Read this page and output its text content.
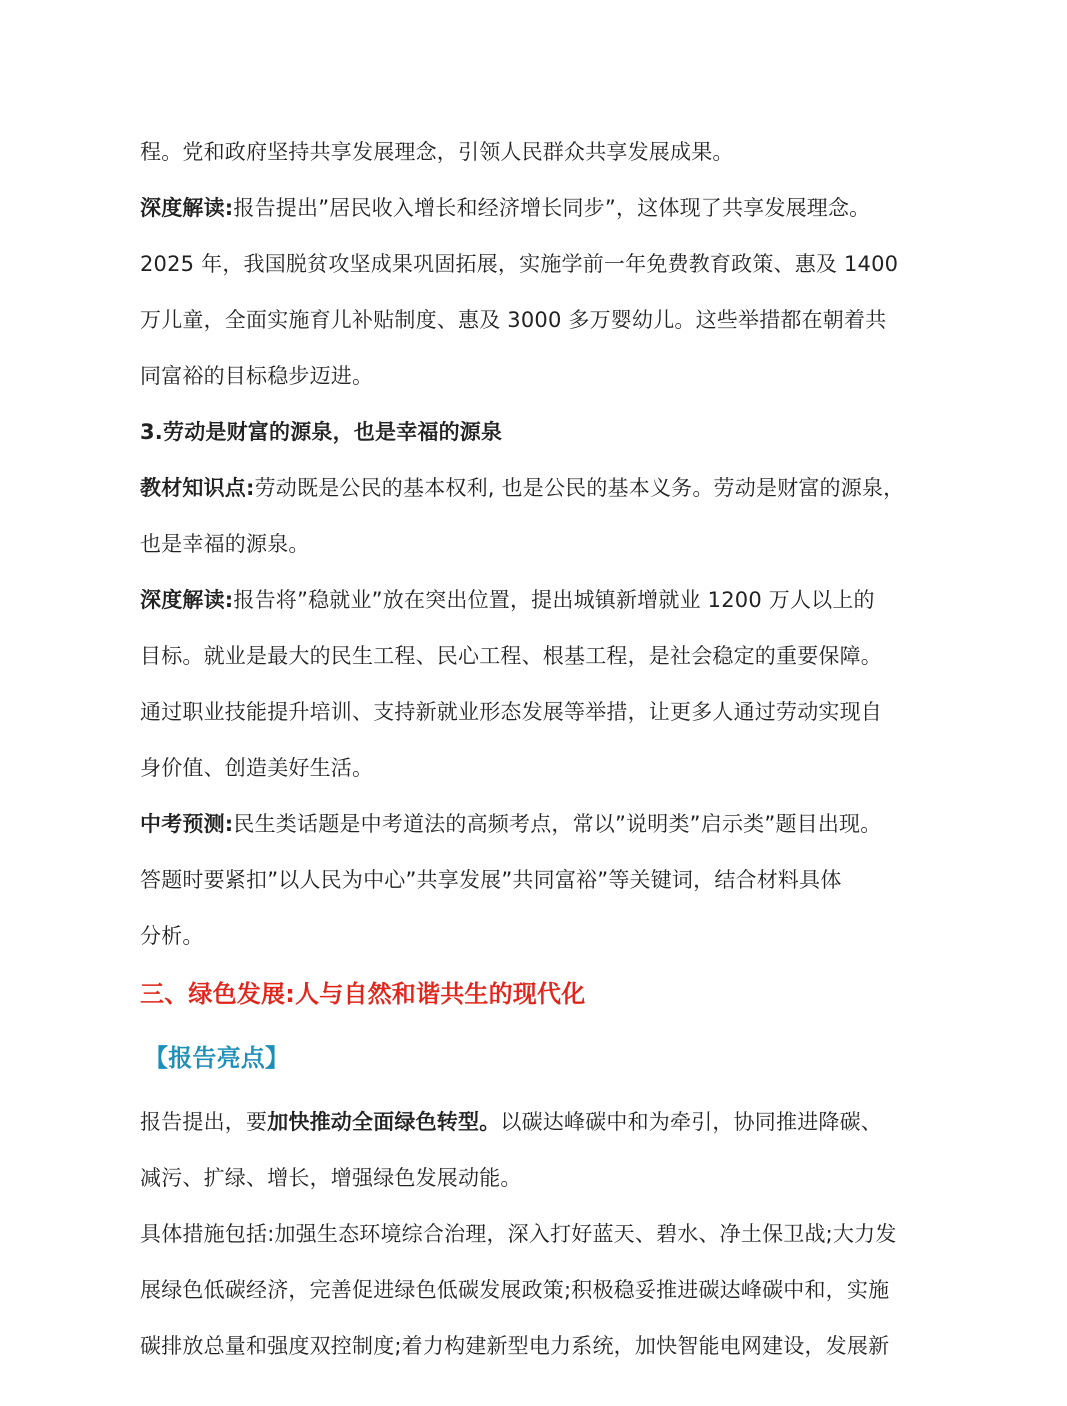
程。党和政府坚持共享发展理念，引领人民群众共享发展成果。
深度解读:报告提出”居民收入增长和经济增长同步”，这体现了共享发展理念。
2025 年，我国脱贫攻坚成果巩固拓展，实施学前一年免费教育政策、惠及 1400
万儿童，全面实施育儿补贴制度、惠及 3000 多万婴幼儿。这些举措都在朝着共
同富裕的目标稳步迈进。
3.劳动是财富的源泉，也是幸福的源泉
教材知识点:劳动既是公民的基本权利, 也是公民的基本义务。劳动是财富的源泉，
也是幸福的源泉。
深度解读:报告将”稳就业”放在突出位置，提出城镇新增就业 1200 万人以上的
目标。就业是最大的民生工程、民心工程、根基工程，是社会稳定的重要保障。
通过职业技能提升培训、支持新就业形态发展等举措，让更多人通过劳动实现自
身价值、创造美好生活。
中考预测:民生类话题是中考道法的高频考点，常以”说明类”启示类”题目出现。
答题时要紧扣”以人民为中心”共享发展”共同富裕”等关键词，结合材料具体
分析。
三、绿色发展:人与自然和谐共生的现代化
【报告亮点】
报告提出，要加快推动全面绿色转型。以碳达峰碳中和为牵引，协同推进降碳、
减污、扩绿、增长，增强绿色发展动能。
具体措施包括:加强生态环境综合治理，深入打好蓝天、碧水、净土保卫战;大力发
展绿色低碳经济，完善促进绿色低碳发展政策;积极稳妥推进碳达峰碳中和，实施
碳排放总量和强度双控制度;着力构建新型电力系统，加快智能电网建设，发展新
